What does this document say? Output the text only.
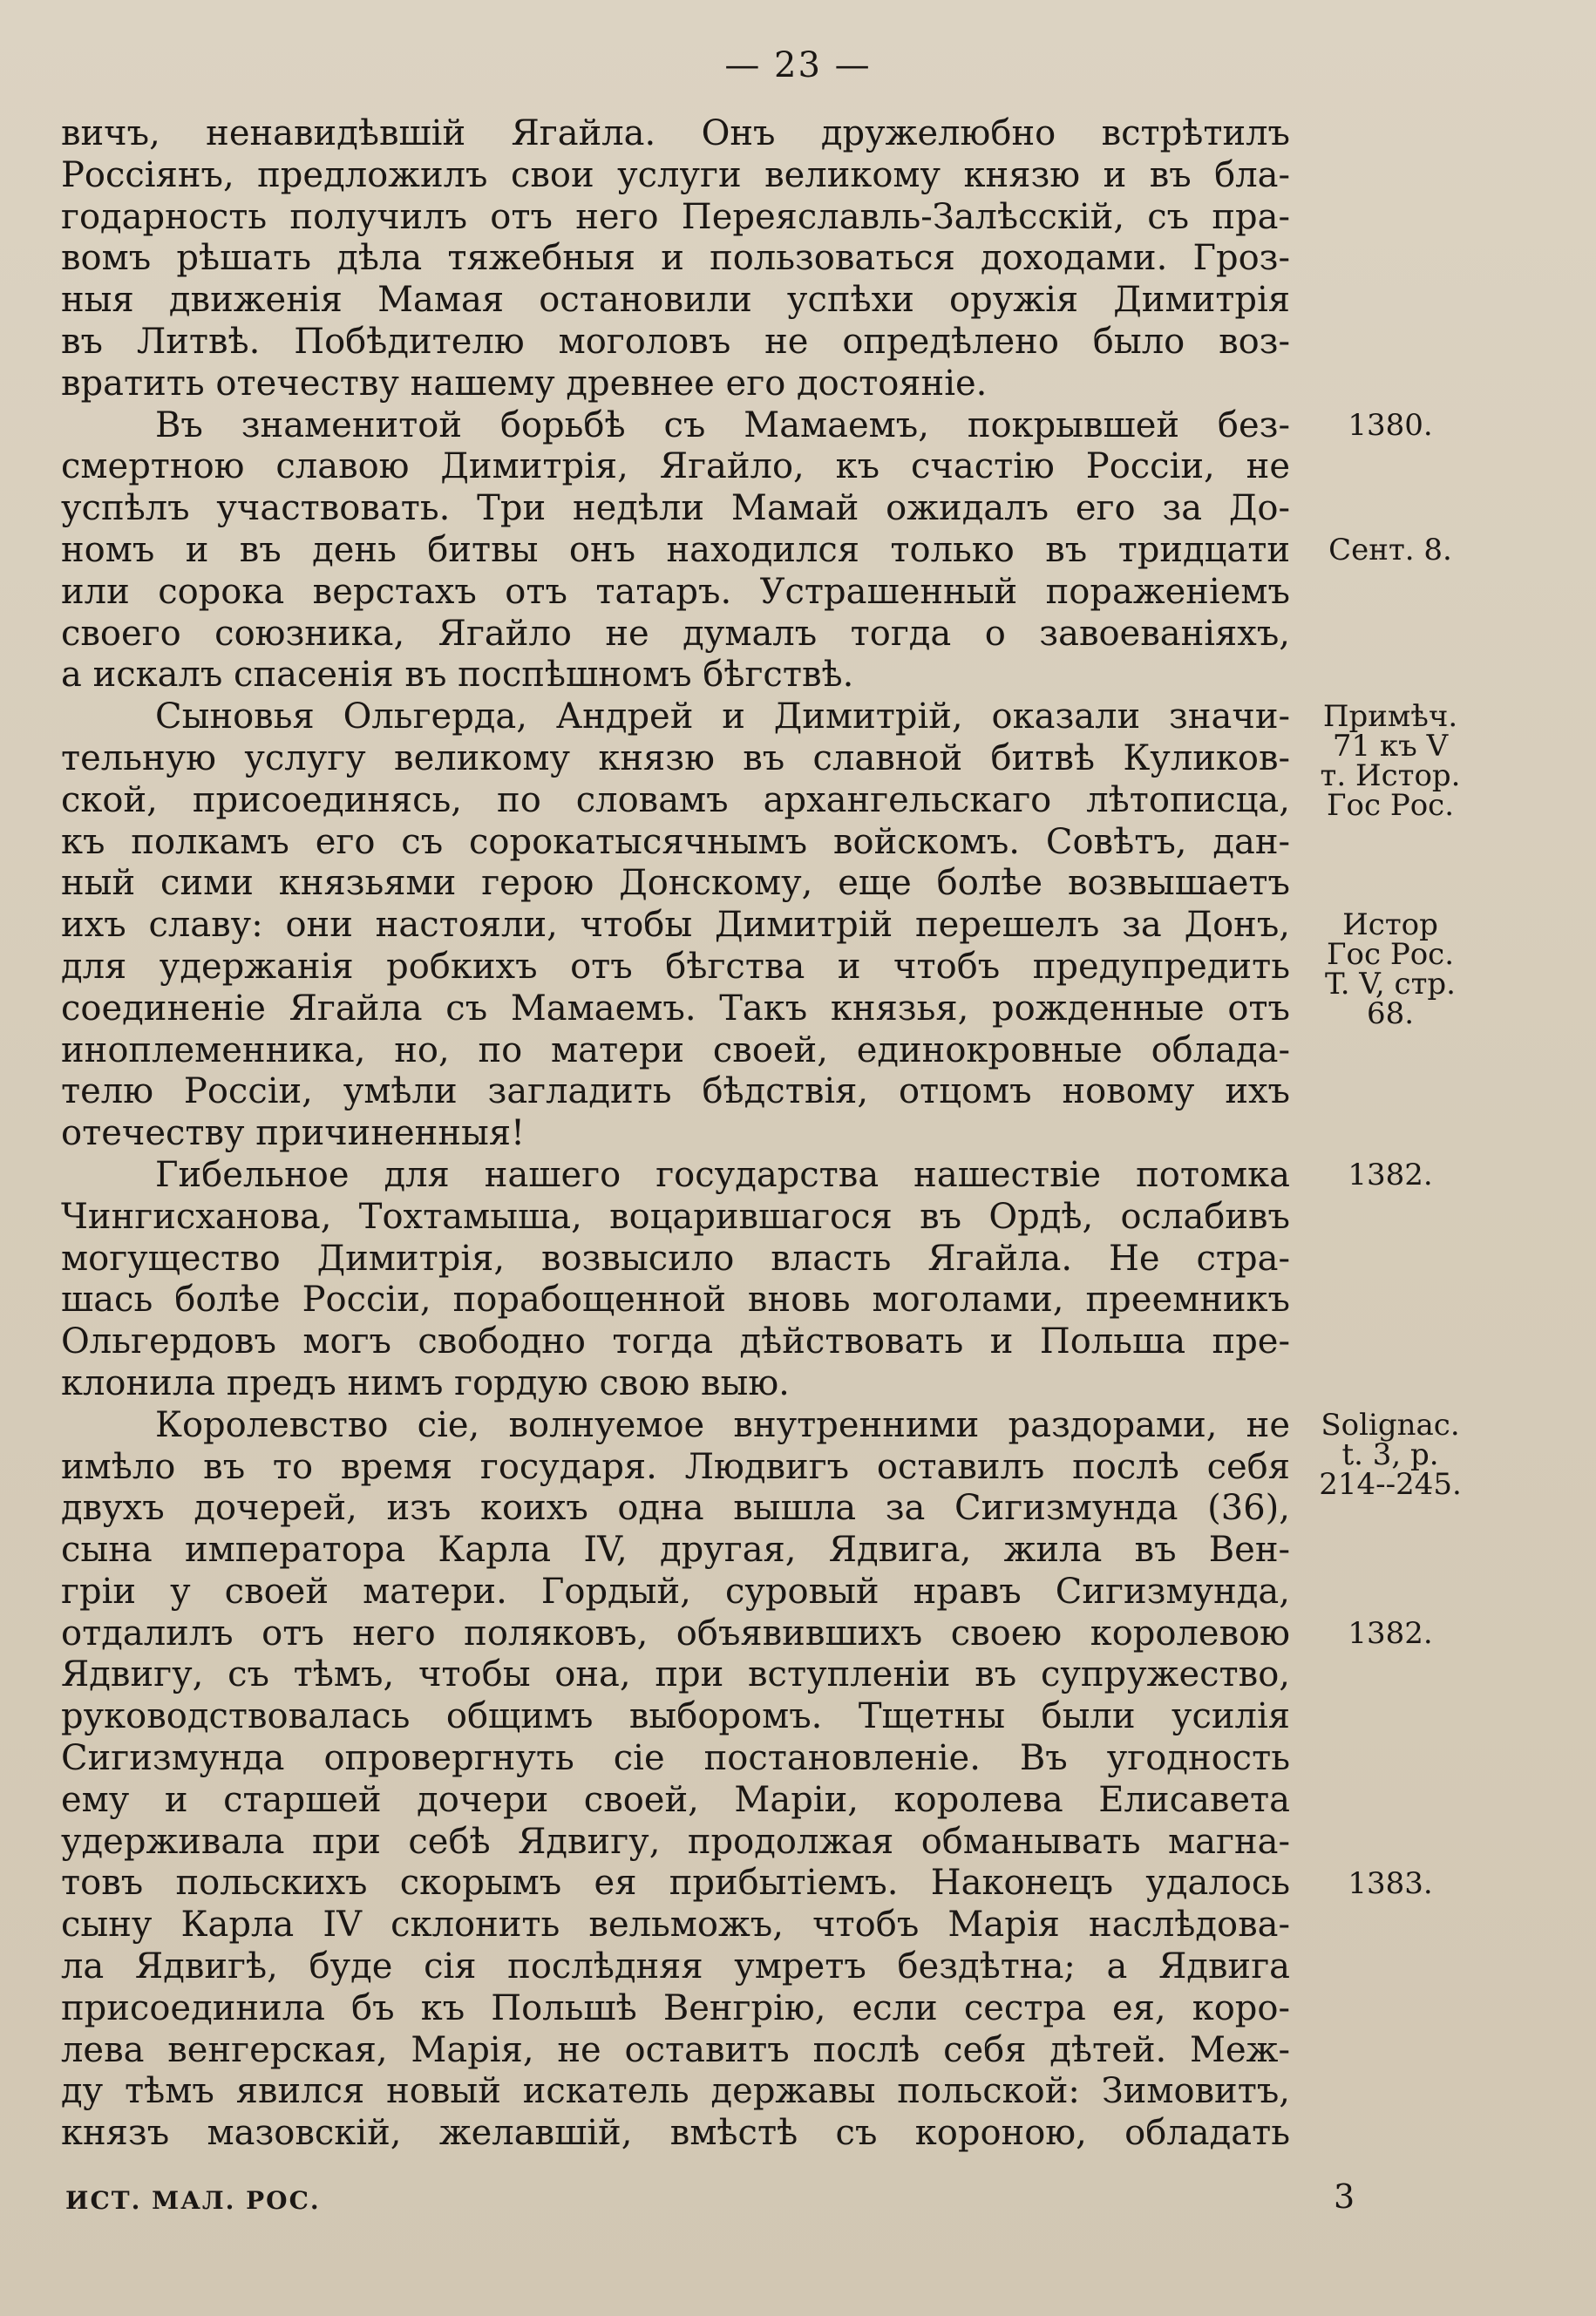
— 23 —
вичъ, ненавидѣвшій Ягайла. Онъ дружелюбно встрѣтилъ
Россіянъ, предложилъ свои услуги великому князю и въ бла-
годарность получилъ отъ него Переяславль-Залѣсскій, съ пра-
вомъ рѣшать дѣла тяжебныя и пользоваться доходами. Гроз-
ныя движенія Мамая остановили успѣхи оружія Димитрія
въ Литвѣ. Побѣдителю моголовъ не опредѣлено было воз-
вратить отечеству нашему древнее его достояніе.
Въ знаменитой борьбѣ съ Мамаемъ, покрывшей без-
смертною славою Димитрія, Ягайло, къ счастію Россіи, не
успѣлъ участвовать. Три недѣли Мамай ожидалъ его за До-
номъ и въ день битвы онъ находился только въ тридцати
или сорока верстахъ отъ татаръ. Устрашенный пораженіемъ
своего союзника, Ягайло не думалъ тогда о завоеваніяхъ,
а искалъ спасенія въ поспѣшномъ бѣгствѣ.
Сыновья Ольгерда, Андрей и Димитрій, оказали значи-
тельную услугу великому князю въ славной битвѣ Куликов-
ской, присоединясь, по словамъ архангельскаго лѣтописца,
къ полкамъ его съ сорокатысячнымъ войскомъ. Совѣтъ, дан-
ный сими князьями герою Донскому, еще болѣе возвышаетъ
ихъ славу: они настояли, чтобы Димитрій перешелъ за Донъ,
для удержанія робкихъ отъ бѣгства и чтобъ предупредить
соединеніе Ягайла съ Мамаемъ. Такъ князья, рожденные отъ
иноплеменника, но, по матери своей, единокровные облада-
телю Россіи, умѣли загладить бѣдствія, отцомъ новому ихъ
отечеству причиненныя!
Гибельное для нашего государства нашествіе потомка
Чингисханова, Тохтамыша, воцарившагося въ Ордѣ, ослабивъ
могущество Димитрія, возвысило власть Ягайла. Не стра-
шась болѣе Россіи, порабощенной вновь моголами, преемникъ
Ольгердовъ могъ свободно тогда дѣйствовать и Польша пре-
клонила предъ нимъ гордую свою выю.
Королевство сіе, волнуемое внутренними раздорами, не
имѣло въ то время государя. Людвигъ оставилъ послѣ себя
двухъ дочерей, изъ коихъ одна вышла за Сигизмунда (36),
сына императора Карла IV, другая, Ядвига, жила въ Вен-
гріи у своей матери. Гордый, суровый нравъ Сигизмунда,
отдалилъ отъ него поляковъ, объявившихъ своею королевою
Ядвигу, съ тѣмъ, чтобы она, при вступленіи въ супружество,
руководствовалась общимъ выборомъ. Тщетны были усилія
Сигизмунда опровергнуть сіе постановленіе. Въ угодность
ему и старшей дочери своей, Маріи, королева Елисавета
удерживала при себѣ Ядвигу, продолжая обманывать магна-
товъ польскихъ скорымъ ея прибытіемъ. Наконецъ удалось
сыну Карла IV склонить вельможъ, чтобъ Марія наслѣдова-
ла Ядвигѣ, буде сія послѣдняя умретъ бездѣтна; а Ядвига
присоединила бъ къ Польшѣ Венгрію, если сестра ея, коро-
лева венгерская, Марія, не оставитъ послѣ себя дѣтей. Меж-
ду тѣмъ явился новый искатель державы польской: Зимовитъ,
князъ мазовскій, желавшій, вмѣстѣ съ короною, обладать
1380.
Сент. 8.
Примѣч.
71 къ V
т. Истор.
Гос Рос.
Истор
Гос Рос.
T. V, стр.
68.
1382.
Solignac.
t. 3, p.
214--245.
1382.
1383.
ИСТ. МАЛ. РОС.	3
